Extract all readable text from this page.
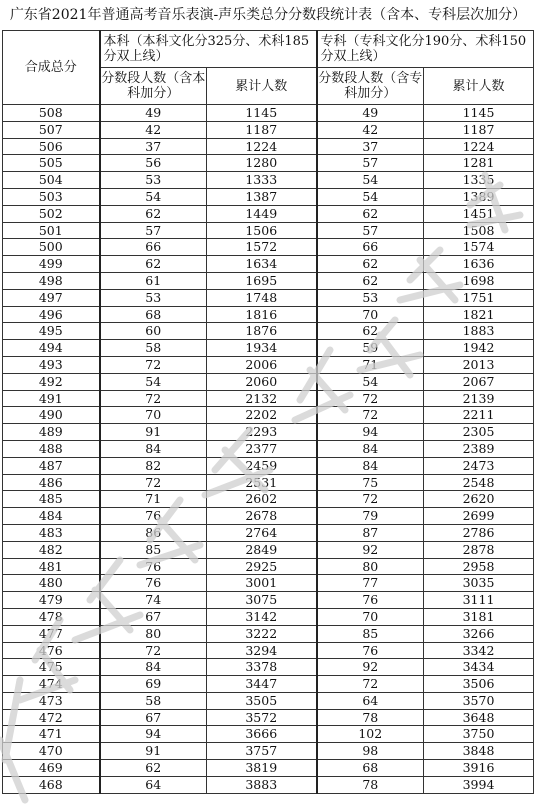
广东省2021年普通高考音乐表演-声乐类总分分数段统计表（含本、专科层次加分）
合成总分	本科（本科文化分325分、术科185分双上线）		专科（专科文化分190分、术科150分双上线）	
	分数段人数（含本科加分）	累计人数	分数段人数（含专科加分）	累计人数
508	49	1145	49	1145
507	42	1187	42	1187
506	37	1224	37	1224
505	56	1280	57	1281
504	53	1333	54	1335
503	54	1387	54	1389
502	62	1449	62	1451
501	57	1506	57	1508
500	66	1572	66	1574
499	62	1634	62	1636
498	61	1695	62	1698
497	53	1748	53	1751
496	68	1816	70	1821
495	60	1876	62	1883
494	58	1934	59	1942
493	72	2006	71	2013
492	54	2060	54	2067
491	72	2132	72	2139
490	70	2202	72	2211
489	91	2293	94	2305
488	84	2377	84	2389
487	82	2459	84	2473
486	72	2531	75	2548
485	71	2602	72	2620
484	76	2678	79	2699
483	86	2764	87	2786
482	85	2849	92	2878
481	76	2925	80	2958
480	76	3001	77	3035
479	74	3075	76	3111
478	67	3142	70	3181
477	80	3222	85	3266
476	72	3294	76	3342
475	84	3378	92	3434
474	69	3447	72	3506
473	58	3505	64	3570
472	67	3572	78	3648
471	94	3666	102	3750
470	91	3757	98	3848
469	62	3819	68	3916
468	64	3883	78	3994
